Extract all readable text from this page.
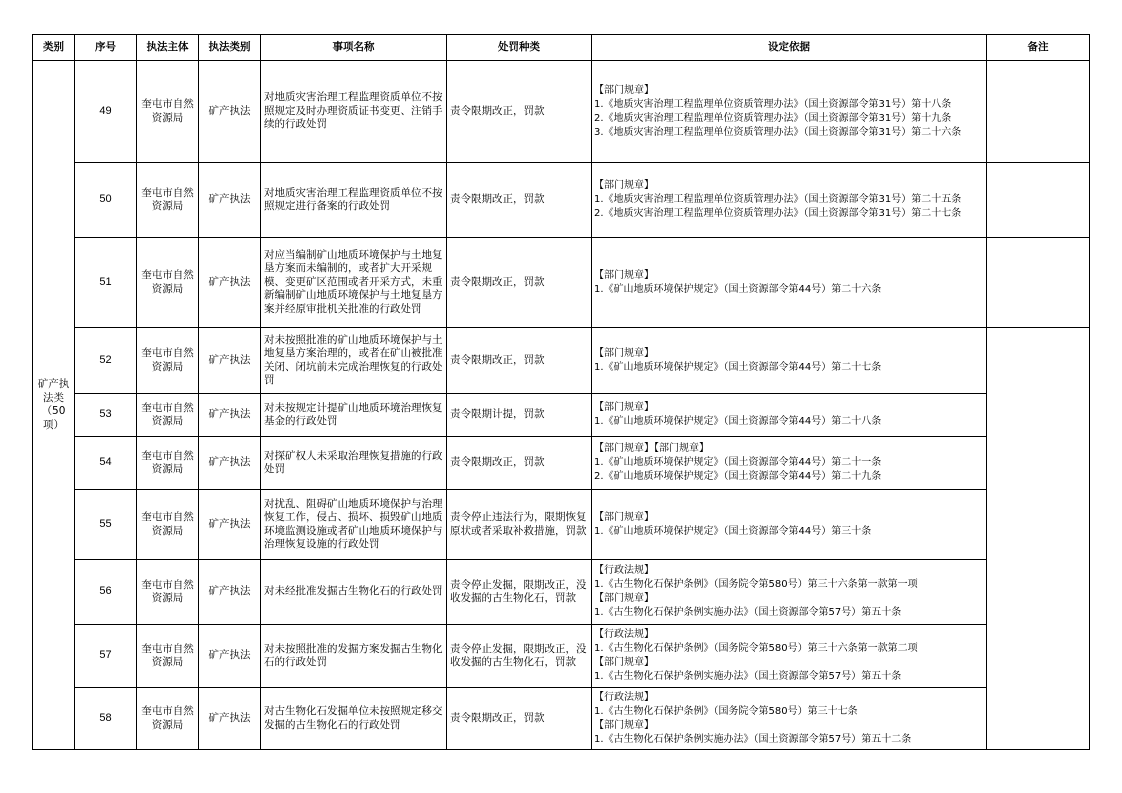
类别	序号	执法主体	执法类别	事项名称	处罚种类	设定依据	备注
矿产执法类（50项）	49	奎屯市自然资源局	矿产执法	对地质灾害治理工程监理资质单位不按照规定及时办理资质证书变更、注销手续的行政处罚	责令限期改正，罚款	【部门规章】
1.《地质灾害治理工程监理单位资质管理办法》（国土资源部令第31号）第十八条
2.《地质灾害治理工程监理单位资质管理办法》（国土资源部令第31号）第十九条
3.《地质灾害治理工程监理单位资质管理办法》（国土资源部令第31号）第二十六条	

	50	奎屯市自然资源局	矿产执法	对地质灾害治理工程监理资质单位不按照规定进行备案的行政处罚	责令限期改正，罚款	【部门规章】
1.《地质灾害治理工程监理单位资质管理办法》（国土资源部令第31号）第二十五条
2.《地质灾害治理工程监理单位资质管理办法》（国土资源部令第31号）第二十七条	

	51	奎屯市自然资源局	矿产执法	对应当编制矿山地质环境保护与土地复垦方案而未编制的，或者扩大开采规模、变更矿区范围或者开采方式，未重新编制矿山地质环境保护与土地复垦方案并经原审批机关批准的行政处罚	责令限期改正，罚款	【部门规章】
1.《矿山地质环境保护规定》（国土资源部令第44号）第二十六条	

	52	奎屯市自然资源局	矿产执法	对未按照批准的矿山地质环境保护与土地复垦方案治理的，或者在矿山被批准关闭、闭坑前未完成治理恢复的行政处罚	责令限期改正，罚款	【部门规章】
1.《矿山地质环境保护规定》（国土资源部令第44号）第二十七条	

	53	奎屯市自然资源局	矿产执法	对未按规定计提矿山地质环境治理恢复基金的行政处罚	责令限期计提，罚款	【部门规章】
1.《矿山地质环境保护规定》（国土资源部令第44号）第二十八条	

	54	奎屯市自然资源局	矿产执法	对探矿权人未采取治理恢复措施的行政处罚	责令限期改正，罚款	【部门规章】【部门规章】
1.《矿山地质环境保护规定》（国土资源部令第44号）第二十一条
2.《矿山地质环境保护规定》（国土资源部令第44号）第二十九条	

	55	奎屯市自然资源局	矿产执法	对扰乱、阻碍矿山地质环境保护与治理恢复工作，侵占、损坏、损毁矿山地质环境监测设施或者矿山地质环境保护与治理恢复设施的行政处罚	责令停止违法行为，限期恢复原状或者采取补救措施，罚款	【部门规章】
1.《矿山地质环境保护规定》（国土资源部令第44号）第三十条	

	56	奎屯市自然资源局	矿产执法	对未经批准发掘古生物化石的行政处罚	责令停止发掘，限期改正，没收发掘的古生物化石，罚款	【行政法规】
1.《古生物化石保护条例》（国务院令第580号）第三十六条第一款第一项
【部门规章】
1.《古生物化石保护条例实施办法》（国土资源部令第57号）第五十条	

	57	奎屯市自然资源局	矿产执法	对未按照批准的发掘方案发掘古生物化石的行政处罚	责令停止发掘，限期改正，没收发掘的古生物化石，罚款	【行政法规】
1.《古生物化石保护条例》（国务院令第580号）第三十六条第一款第二项
【部门规章】
1.《古生物化石保护条例实施办法》（国土资源部令第57号）第五十条	

	58	奎屯市自然资源局	矿产执法	对古生物化石发掘单位未按照规定移交发掘的古生物化石的行政处罚	责令限期改正，罚款	【行政法规】
1.《古生物化石保护条例》（国务院令第580号）第三十七条
【部门规章】
1.《古生物化石保护条例实施办法》（国土资源部令第57号）第五十二条	
